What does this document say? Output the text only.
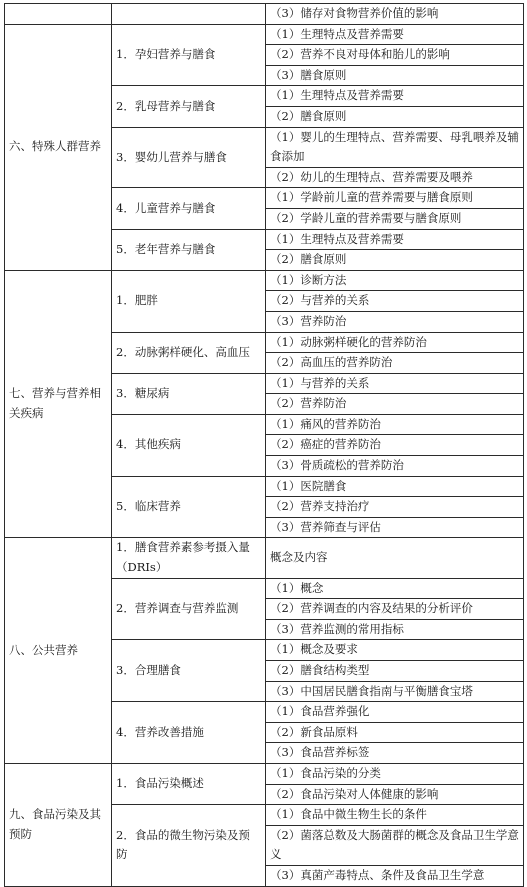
		（3）储存对食物营养价值的影响
六、特殊人群营养	1．孕妇营养与膳食	（1）生理特点及营养需要
		（2）营养不良对母体和胎儿的影响
		（3）膳食原则
	2．乳母营养与膳食	（1）生理特点及营养需要
		（2）膳食原则
	3．婴幼儿营养与膳食	（1）婴儿的生理特点、营养需要、母乳喂养及辅食添加
		（2）幼儿的生理特点、营养需要及喂养
	4．儿童营养与膳食	（1）学龄前儿童的营养需要与膳食原则
		（2）学龄儿童的营养需要与膳食原则
	5．老年营养与膳食	（1）生理特点及营养需要
		（2）膳食原则
七、营养与营养相关疾病	1．肥胖	（1）诊断方法
		（2）与营养的关系
		（3）营养防治
	2．动脉粥样硬化、高血压	（1）动脉粥样硬化的营养防治
		（2）高血压的营养防治
	3．糖尿病	（1）与营养的关系
		（2）营养防治
	4．其他疾病	（1）痛风的营养防治
		（2）癌症的营养防治
		（3）骨质疏松的营养防治
	5．临床营养	（1）医院膳食
		（2）营养支持治疗
		（3）营养筛查与评估
八、公共营养	1．膳食营养素参考摄入量（DRIs）	概念及内容
	2．营养调查与营养监测	（1）概念
		（2）营养调查的内容及结果的分析评价
		（3）营养监测的常用指标
	3．合理膳食	（1）概念及要求
		（2）膳食结构类型
		（3）中国居民膳食指南与平衡膳食宝塔
	4．营养改善措施	（1）食品营养强化
		（2）新食品原料
		（3）食品营养标签
九、食品污染及其预防	1．食品污染概述	（1）食品污染的分类
		（2）食品污染对人体健康的影响
	2．食品的微生物污染及预防	（1）食品中微生物生长的条件
		（2）菌落总数及大肠菌群的概念及食品卫生学意义
		（3）真菌产毒特点、条件及食品卫生学意
